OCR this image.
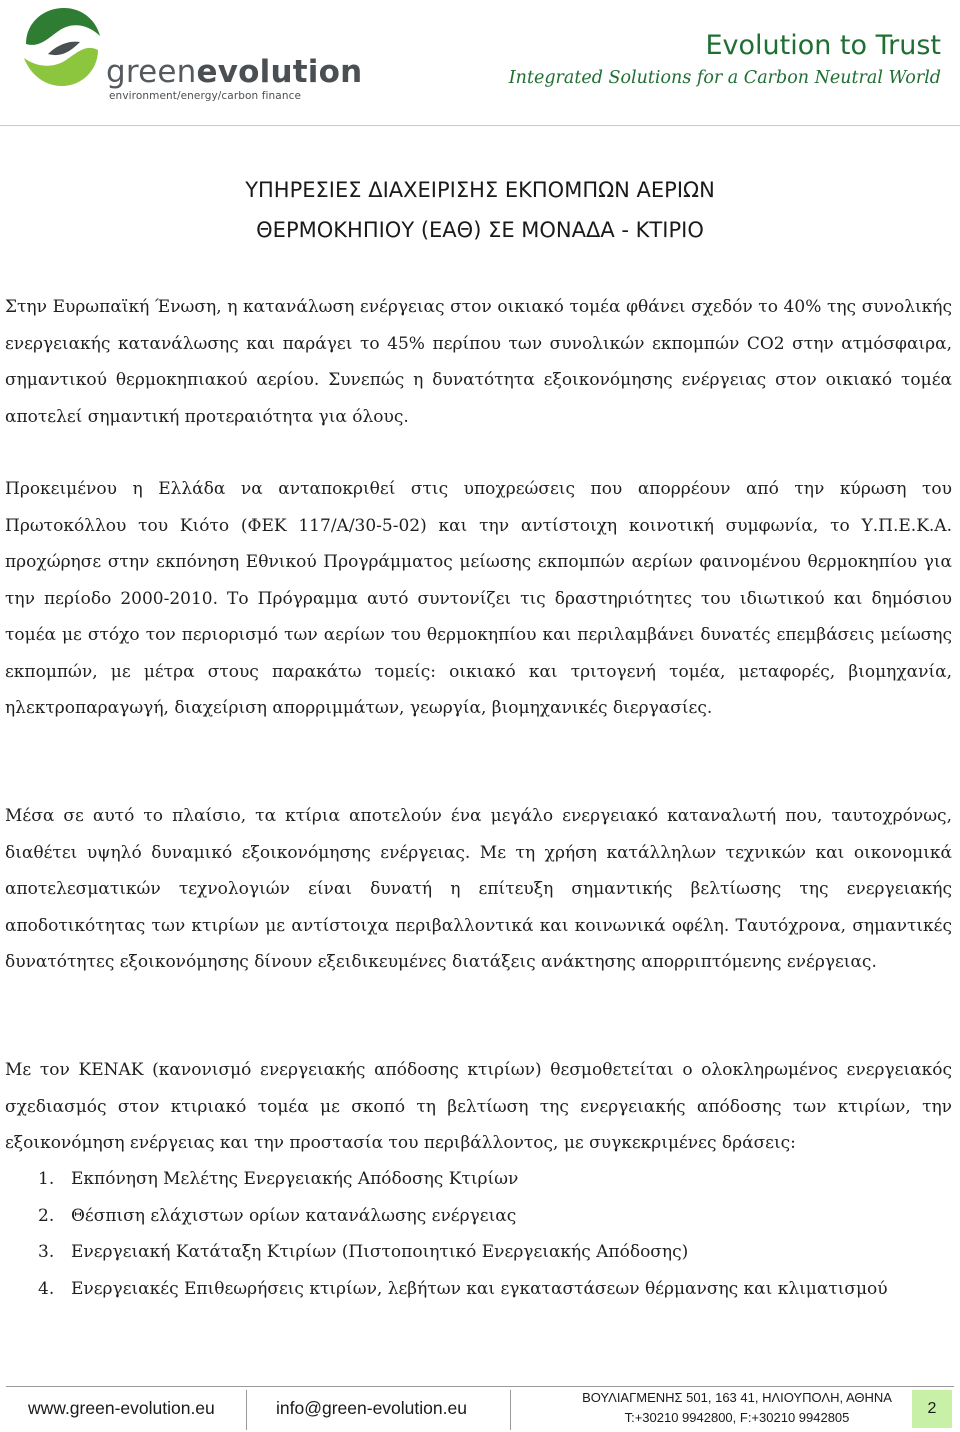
greenevolution
environment/energy/carbon finance
Evolution to Trust
Integrated Solutions for a Carbon Neutral World
ΥΠΗΡΕΣΙΕΣ ΔΙΑΧΕΙΡΙΣΗΣ ΕΚΠΟΜΠΩΝ ΑΕΡΙΩΝ
ΘΕΡΜΟΚΗΠΙΟΥ (ΕΑΘ) ΣΕ ΜΟΝΑΔΑ - ΚΤΙΡΙΟ

Στην Ευρωπαϊκή Ένωση, η κατανάλωση ενέργειας στον οικιακό τομέα φθάνει σχεδόν το 40% της συνολικής ενεργειακής κατανάλωσης και παράγει το 45% περίπου των συνολικών εκπομπών CO2 στην ατμόσφαιρα, σημαντικού θερμοκηπιακού αερίου. Συνεπώς η δυνατότητα εξοικονόμησης ενέργειας στον οικιακό τομέα αποτελεί σημαντική προτεραιότητα για όλους.

Προκειμένου η Ελλάδα να ανταποκριθεί στις υποχρεώσεις που απορρέουν από την κύρωση του Πρωτοκόλλου του Κιότο (ΦΕΚ 117/Α/30-5-02) και την αντίστοιχη κοινοτική συμφωνία, το Υ.Π.Ε.Κ.Α. προχώρησε στην εκπόνηση Εθνικού Προγράμματος μείωσης εκπομπών αερίων φαινομένου θερμοκηπίου για την περίοδο 2000-2010. Το Πρόγραμμα αυτό συντονίζει τις δραστηριότητες του ιδιωτικού και δημόσιου τομέα με στόχο τον περιορισμό των αερίων του θερμοκηπίου και περιλαμβάνει δυνατές επεμβάσεις μείωσης εκπομπών, με μέτρα στους παρακάτω τομείς: οικιακό και τριτογενή τομέα, μεταφορές, βιομηχανία, ηλεκτροπαραγωγή, διαχείριση απορριμμάτων, γεωργία, βιομηχανικές διεργασίες.

Μέσα σε αυτό το πλαίσιο, τα κτίρια αποτελούν ένα μεγάλο ενεργειακό καταναλωτή που, ταυτοχρόνως, διαθέτει υψηλό δυναμικό εξοικονόμησης ενέργειας. Με τη χρήση κατάλληλων τεχνικών και οικονομικά αποτελεσματικών τεχνολογιών είναι δυνατή η επίτευξη σημαντικής βελτίωσης της ενεργειακής αποδοτικότητας των κτιρίων με αντίστοιχα περιβαλλοντικά και κοινωνικά οφέλη. Ταυτόχρονα, σημαντικές δυνατότητες εξοικονόμησης δίνουν εξειδικευμένες διατάξεις ανάκτησης απορριπτόμενης ενέργειας.

Με τον ΚΕΝΑΚ (κανονισμό ενεργειακής απόδοσης κτιρίων) θεσμοθετείται ο ολοκληρωμένος ενεργειακός σχεδιασμός στον κτιριακό τομέα με σκοπό τη βελτίωση της ενεργειακής απόδοσης των κτιρίων, την εξοικονόμηση ενέργειας και την προστασία του περιβάλλοντος, με συγκεκριμένες δράσεις:

1. Εκπόνηση Μελέτης Ενεργειακής Απόδοσης Κτιρίων
2. Θέσπιση ελάχιστων ορίων κατανάλωσης ενέργειας
3. Ενεργειακή Κατάταξη Κτιρίων (Πιστοποιητικό Ενεργειακής Απόδοσης)
4. Ενεργειακές Επιθεωρήσεις κτιρίων, λεβήτων και εγκαταστάσεων θέρμανσης και κλιματισμού
www.green-evolution.eu	info@green-evolution.eu
ΒΟΥΛΙΑΓΜΕΝΗΣ 501, 163 41, ΗΛΙΟΥΠΟΛΗ, ΑΘΗΝΑ
T:+30210 9942800, F:+30210 9942805
2
